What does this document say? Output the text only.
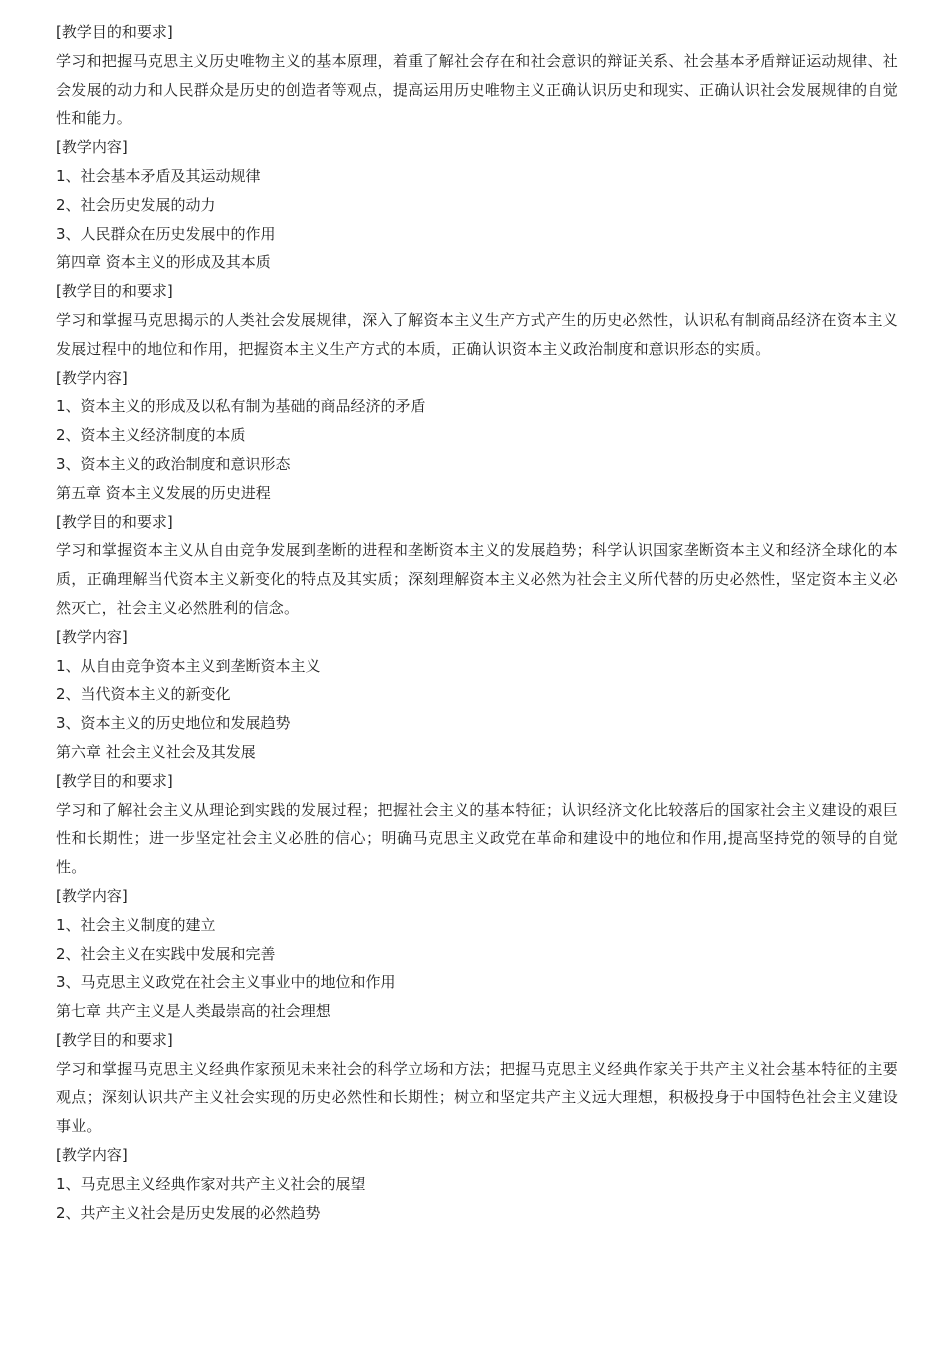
[教学目的和要求]

学习和把握马克思主义历史唯物主义的基本原理，着重了解社会存在和社会意识的辩证关系、社会基本矛盾辩证运动规律、社会发展的动力和人民群众是历史的创造者等观点，提高运用历史唯物主义正确认识历史和现实、正确认识社会发展规律的自觉性和能力。

[教学内容]

1、社会基本矛盾及其运动规律

2、社会历史发展的动力

3、人民群众在历史发展中的作用

第四章 资本主义的形成及其本质

[教学目的和要求]

学习和掌握马克思揭示的人类社会发展规律，深入了解资本主义生产方式产生的历史必然性，认识私有制商品经济在资本主义发展过程中的地位和作用，把握资本主义生产方式的本质，正确认识资本主义政治制度和意识形态的实质。

[教学内容]

1、资本主义的形成及以私有制为基础的商品经济的矛盾

2、资本主义经济制度的本质

3、资本主义的政治制度和意识形态

第五章 资本主义发展的历史进程

[教学目的和要求]

学习和掌握资本主义从自由竞争发展到垄断的进程和垄断资本主义的发展趋势；科学认识国家垄断资本主义和经济全球化的本质，正确理解当代资本主义新变化的特点及其实质；深刻理解资本主义必然为社会主义所代替的历史必然性，坚定资本主义必然灭亡，社会主义必然胜利的信念。

[教学内容]

1、从自由竞争资本主义到垄断资本主义

2、当代资本主义的新变化

3、资本主义的历史地位和发展趋势

第六章 社会主义社会及其发展

[教学目的和要求]

学习和了解社会主义从理论到实践的发展过程；把握社会主义的基本特征；认识经济文化比较落后的国家社会主义建设的艰巨性和长期性；进一步坚定社会主义必胜的信心；明确马克思主义政党在革命和建设中的地位和作用,提高坚持党的领导的自觉性。

[教学内容]

1、社会主义制度的建立

2、社会主义在实践中发展和完善

3、马克思主义政党在社会主义事业中的地位和作用

第七章 共产主义是人类最崇高的社会理想

[教学目的和要求]

学习和掌握马克思主义经典作家预见未来社会的科学立场和方法；把握马克思主义经典作家关于共产主义社会基本特征的主要观点；深刻认识共产主义社会实现的历史必然性和长期性；树立和坚定共产主义远大理想，积极投身于中国特色社会主义建设事业。

[教学内容]

1、马克思主义经典作家对共产主义社会的展望

2、共产主义社会是历史发展的必然趋势
